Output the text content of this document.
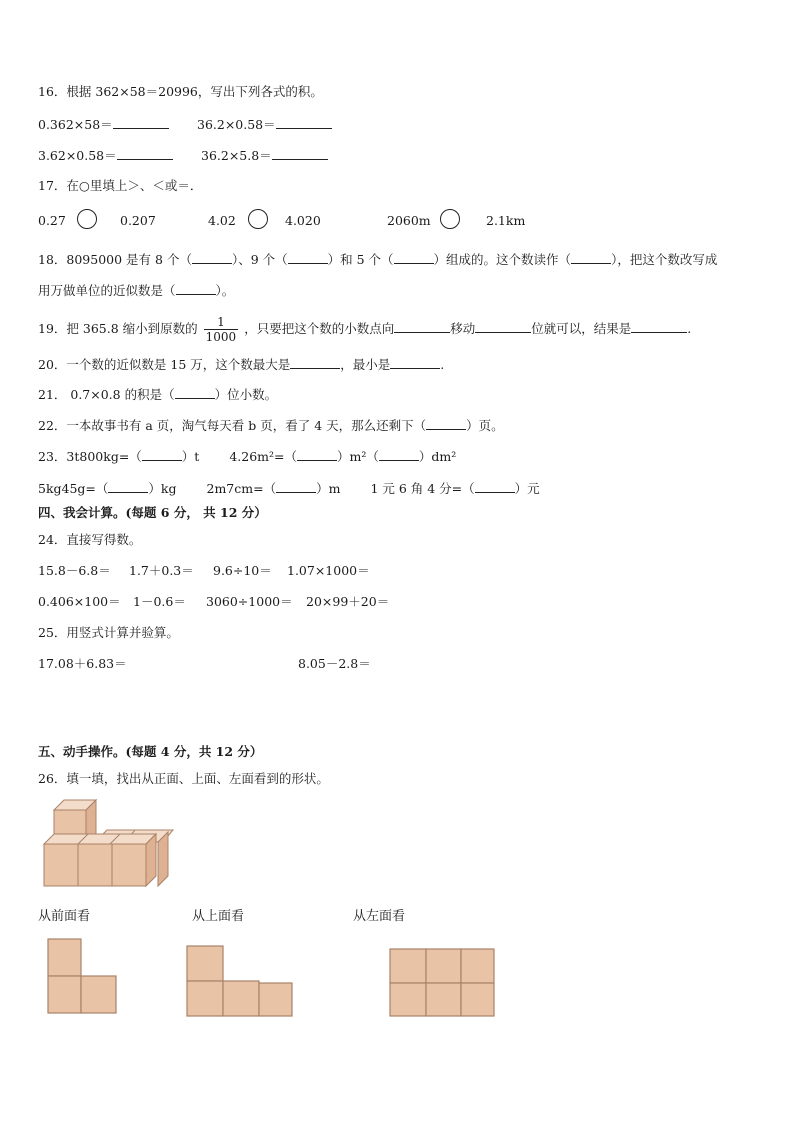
16．根据 362×58＝20996，写出下列各式的积。
0.362×58＝	36.2×0.58＝
3.62×0.58＝	36.2×5.8＝
17．在○里填上＞、＜或＝．
0.27	0.207	4.02	4.020	2060m	2.1km
18．8095000 是有 8 个（	）、9 个（	）和 5 个（	）组成的。这个数读作（	），把这个数改写成
用万做单位的近似数是（	）。
19．把 365.8 缩小到原数的 $\frac{1}{1000}$ ，只要把这个数的小数点向	移动	位就可以，结果是	.
20．一个数的近似数是 15 万，这个数最大是	，最小是	.
21． 0.7×0.8 的积是（	）位小数。
22．一本故事书有 a 页，淘气每天看 b 页，看了 4 天，那么还剩下（	）页。
23．3t800kg=（	）t 4.26m²=（	）m²（	）dm²
5kg45g=（	）kg 2m7cm=（	）m 1 元 6 角 4 分=（	）元
四、我会计算。(每题 6 分， 共 12 分）
24．直接写得数。
15.8－6.8＝ 1.7＋0.3＝ 9.6÷10＝ 1.07×1000＝
0.406×100＝ 1－0.6＝ 3060÷1000＝ 20×99＋20＝
25．用竖式计算并验算。
17.08＋6.83＝	8.05－2.8＝
五、动手操作。(每题 4 分，共 12 分）
26．填一填，找出从正面、上面、左面看到的形状。
从前面看	从上面看	从左面看
